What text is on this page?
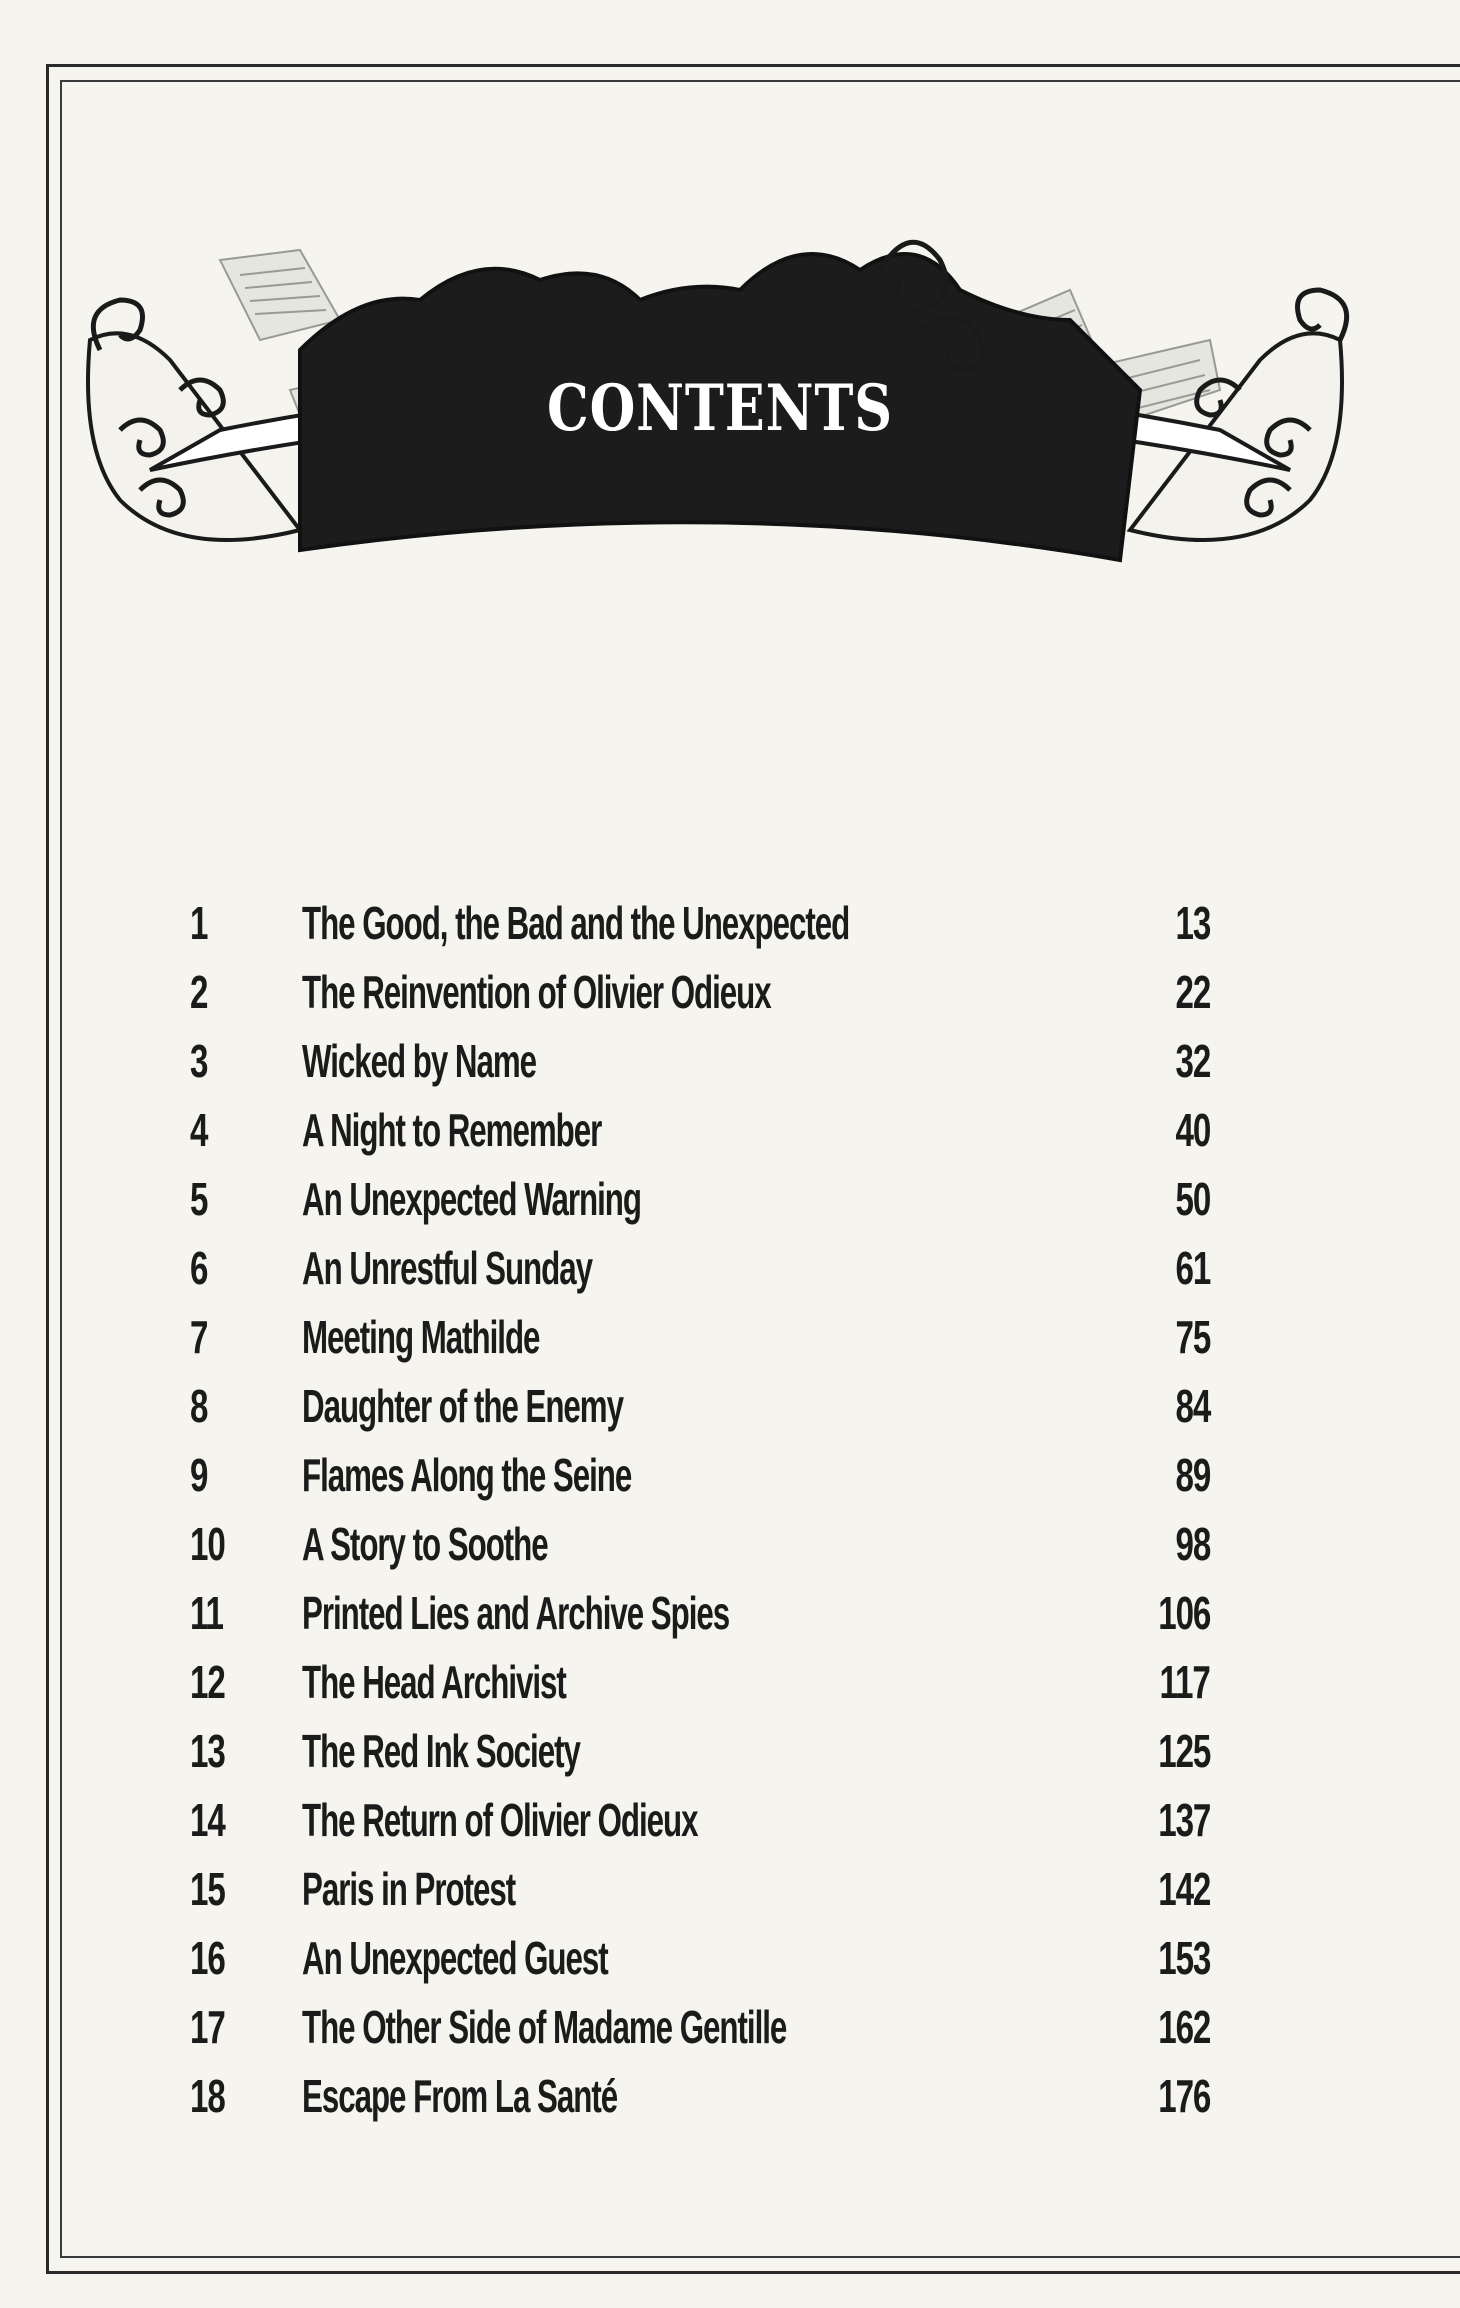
CONTENTS
1	The Good, the Bad and the Unexpected	13
2	The Reinvention of Olivier Odieux	22
3	Wicked by Name	32
4	A Night to Remember	40
5	An Unexpected Warning	50
6	An Unrestful Sunday	61
7	Meeting Mathilde	75
8	Daughter of the Enemy	84
9	Flames Along the Seine	89
10 A Story to Soothe	98
11 Printed Lies and Archive Spies	106
12 The Head Archivist	117
13 The Red Ink Society	125
14 The Return of Olivier Odieux	137
15 Paris in Protest	142
16 An Unexpected Guest	153
17 The Other Side of Madame Gentille	162
18 Escape From La Santé	176
